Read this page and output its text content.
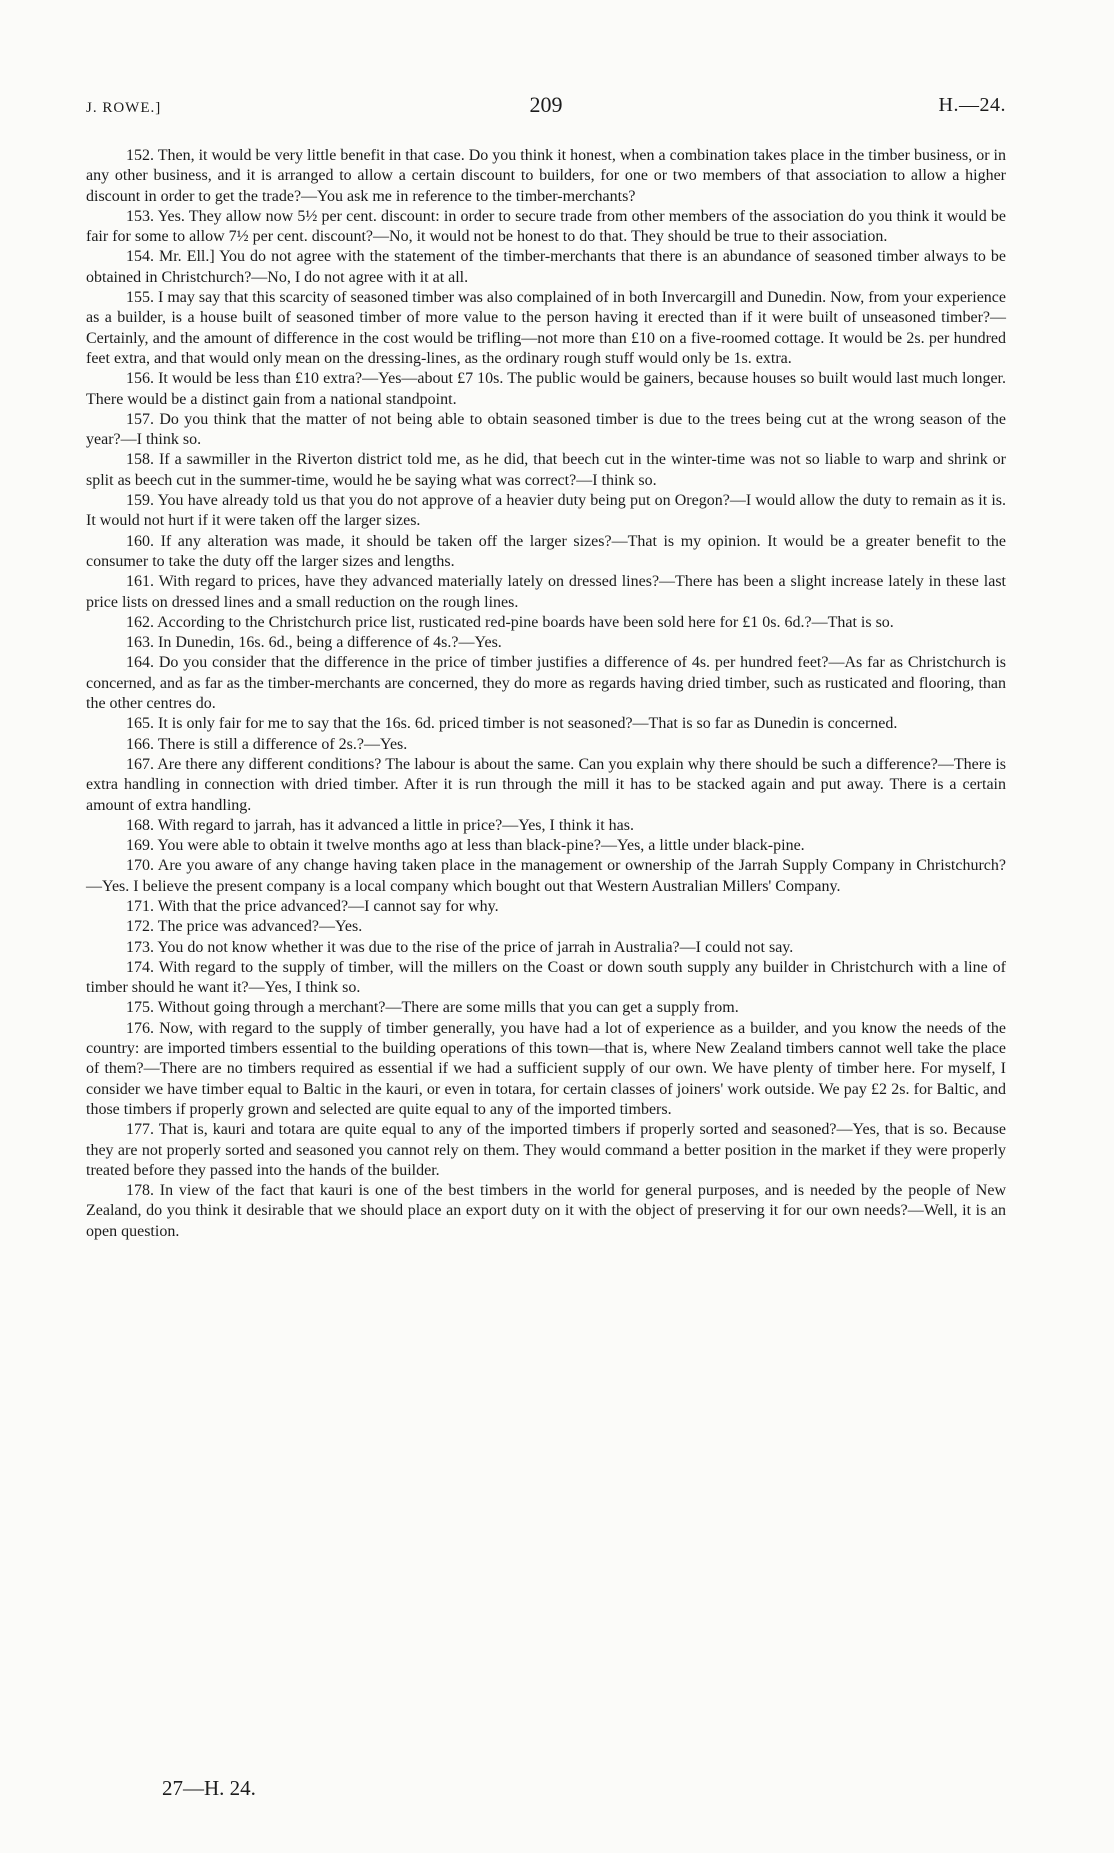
J. ROWE.]	209	H.—24.

152. Then, it would be very little benefit in that case. Do you think it honest, when a combination takes place in the timber business, or in any other business, and it is arranged to allow a certain discount to builders, for one or two members of that association to allow a higher discount in order to get the trade?—You ask me in reference to the timber-merchants?

153. Yes. They allow now 5½ per cent. discount: in order to secure trade from other members of the association do you think it would be fair for some to allow 7½ per cent. discount?—No, it would not be honest to do that. They should be true to their association.

154. Mr. Ell.] You do not agree with the statement of the timber-merchants that there is an abundance of seasoned timber always to be obtained in Christchurch?—No, I do not agree with it at all.

155. I may say that this scarcity of seasoned timber was also complained of in both Invercargill and Dunedin. Now, from your experience as a builder, is a house built of seasoned timber of more value to the person having it erected than if it were built of unseasoned timber?—Certainly, and the amount of difference in the cost would be trifling—not more than £10 on a five-roomed cottage. It would be 2s. per hundred feet extra, and that would only mean on the dressing-lines, as the ordinary rough stuff would only be 1s. extra.

156. It would be less than £10 extra?—Yes—about £7 10s. The public would be gainers, because houses so built would last much longer. There would be a distinct gain from a national standpoint.

157. Do you think that the matter of not being able to obtain seasoned timber is due to the trees being cut at the wrong season of the year?—I think so.

158. If a sawmiller in the Riverton district told me, as he did, that beech cut in the winter-time was not so liable to warp and shrink or split as beech cut in the summer-time, would he be saying what was correct?—I think so.

159. You have already told us that you do not approve of a heavier duty being put on Oregon?—I would allow the duty to remain as it is. It would not hurt if it were taken off the larger sizes.

160. If any alteration was made, it should be taken off the larger sizes?—That is my opinion. It would be a greater benefit to the consumer to take the duty off the larger sizes and lengths.

161. With regard to prices, have they advanced materially lately on dressed lines?—There has been a slight increase lately in these last price lists on dressed lines and a small reduction on the rough lines.

162. According to the Christchurch price list, rusticated red-pine boards have been sold here for £1 0s. 6d.?—That is so.

163. In Dunedin, 16s. 6d., being a difference of 4s.?—Yes.

164. Do you consider that the difference in the price of timber justifies a difference of 4s. per hundred feet?—As far as Christchurch is concerned, and as far as the timber-merchants are concerned, they do more as regards having dried timber, such as rusticated and flooring, than the other centres do.

165. It is only fair for me to say that the 16s. 6d. priced timber is not seasoned?—That is so far as Dunedin is concerned.

166. There is still a difference of 2s.?—Yes.

167. Are there any different conditions? The labour is about the same. Can you explain why there should be such a difference?—There is extra handling in connection with dried timber. After it is run through the mill it has to be stacked again and put away. There is a certain amount of extra handling.

168. With regard to jarrah, has it advanced a little in price?—Yes, I think it has.

169. You were able to obtain it twelve months ago at less than black-pine?—Yes, a little under black-pine.

170. Are you aware of any change having taken place in the management or ownership of the Jarrah Supply Company in Christchurch?—Yes. I believe the present company is a local company which bought out that Western Australian Millers' Company.

171. With that the price advanced?—I cannot say for why.

172. The price was advanced?—Yes.

173. You do not know whether it was due to the rise of the price of jarrah in Australia?—I could not say.

174. With regard to the supply of timber, will the millers on the Coast or down south supply any builder in Christchurch with a line of timber should he want it?—Yes, I think so.

175. Without going through a merchant?—There are some mills that you can get a supply from.

176. Now, with regard to the supply of timber generally, you have had a lot of experience as a builder, and you know the needs of the country: are imported timbers essential to the building operations of this town—that is, where New Zealand timbers cannot well take the place of them?—There are no timbers required as essential if we had a sufficient supply of our own. We have plenty of timber here. For myself, I consider we have timber equal to Baltic in the kauri, or even in totara, for certain classes of joiners' work outside. We pay £2 2s. for Baltic, and those timbers if properly grown and selected are quite equal to any of the imported timbers.

177. That is, kauri and totara are quite equal to any of the imported timbers if properly sorted and seasoned?—Yes, that is so. Because they are not properly sorted and seasoned you cannot rely on them. They would command a better position in the market if they were properly treated before they passed into the hands of the builder.

178. In view of the fact that kauri is one of the best timbers in the world for general purposes, and is needed by the people of New Zealand, do you think it desirable that we should place an export duty on it with the object of preserving it for our own needs?—Well, it is an open question.

27—H. 24.
